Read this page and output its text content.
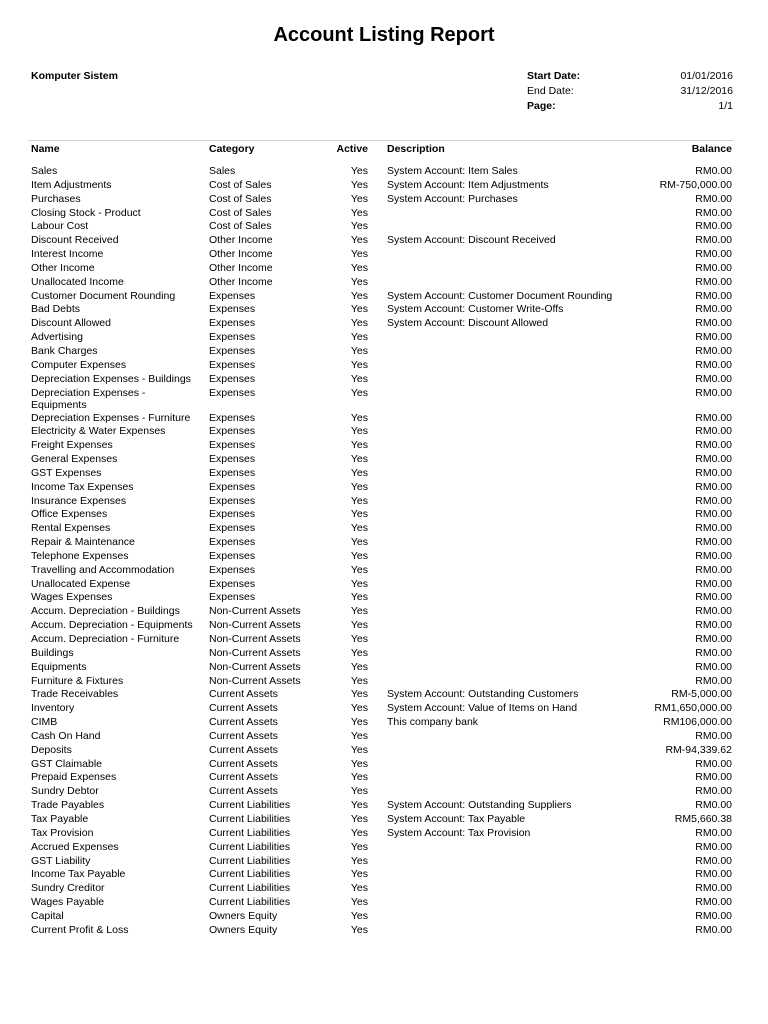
Account Listing Report
Komputer Sistem	Start Date:	01/01/2016
End Date:	31/12/2016
Page:	1/1
Name	Category	Active Description	Balance
Sales	Sales	Yes System Account: Item Sales	RM0.00
Item Adjustments	Cost of Sales	Yes System Account: Item Adjustments	RM-750,000.00
Purchases	Cost of Sales	Yes System Account: Purchases	RM0.00
Closing Stock - Product	Cost of Sales	Yes	RM0.00
Labour Cost	Cost of Sales	Yes	RM0.00
Discount Received	Other Income	Yes System Account: Discount Received	RM0.00
Interest Income	Other Income	Yes	RM0.00
Other Income	Other Income	Yes	RM0.00
Unallocated Income	Other Income	Yes	RM0.00
Customer Document Rounding	Expenses	Yes System Account: Customer Document Rounding	RM0.00
Bad Debts	Expenses	Yes System Account: Customer Write-Offs	RM0.00
Discount Allowed	Expenses	Yes System Account: Discount Allowed	RM0.00
Advertising	Expenses	Yes	RM0.00
Bank Charges	Expenses	Yes	RM0.00
Computer Expenses	Expenses	Yes	RM0.00
Depreciation Expenses - Buildings	Expenses	Yes	RM0.00
Depreciation Expenses - Equipments
Expenses	Yes	RM0.00
Depreciation Expenses - Furniture	Expenses	Yes	RM0.00
Electricity & Water Expenses	Expenses	Yes	RM0.00
Freight Expenses	Expenses	Yes	RM0.00
General Expenses	Expenses	Yes	RM0.00
GST Expenses	Expenses	Yes	RM0.00
Income Tax Expenses	Expenses	Yes	RM0.00
Insurance Expenses	Expenses	Yes	RM0.00
Office Expenses	Expenses	Yes	RM0.00
Rental Expenses	Expenses	Yes	RM0.00
Repair & Maintenance	Expenses	Yes	RM0.00
Telephone Expenses	Expenses	Yes	RM0.00
Travelling and Accommodation	Expenses	Yes	RM0.00
Unallocated Expense	Expenses	Yes	RM0.00
Wages Expenses	Expenses	Yes	RM0.00
Accum. Depreciation - Buildings	Non-Current Assets	Yes	RM0.00
Accum. Depreciation - Equipments	Non-Current Assets	Yes	RM0.00
Accum. Depreciation - Furniture	Non-Current Assets	Yes	RM0.00
Buildings	Non-Current Assets	Yes	RM0.00
Equipments	Non-Current Assets	Yes	RM0.00
Furniture & Fixtures	Non-Current Assets	Yes	RM0.00
Trade Receivables	Current Assets	Yes System Account: Outstanding Customers	RM-5,000.00
Inventory	Current Assets	Yes System Account: Value of Items on Hand	RM1,650,000.00
CIMB	Current Assets	Yes This company bank	RM106,000.00
Cash On Hand	Current Assets	Yes	RM0.00
Deposits	Current Assets	Yes	RM-94,339.62
GST Claimable	Current Assets	Yes	RM0.00
Prepaid Expenses	Current Assets	Yes	RM0.00
Sundry Debtor	Current Assets	Yes	RM0.00
Trade Payables	Current Liabilities	Yes System Account: Outstanding Suppliers	RM0.00
Tax Payable	Current Liabilities	Yes System Account: Tax Payable	RM5,660.38
Tax Provision	Current Liabilities	Yes System Account: Tax Provision	RM0.00
Accrued Expenses	Current Liabilities	Yes	RM0.00
GST Liability	Current Liabilities	Yes	RM0.00
Income Tax Payable	Current Liabilities	Yes	RM0.00
Sundry Creditor	Current Liabilities	Yes	RM0.00
Wages Payable	Current Liabilities	Yes	RM0.00
Capital	Owners Equity	Yes	RM0.00
Current Profit & Loss	Owners Equity	Yes	RM0.00
